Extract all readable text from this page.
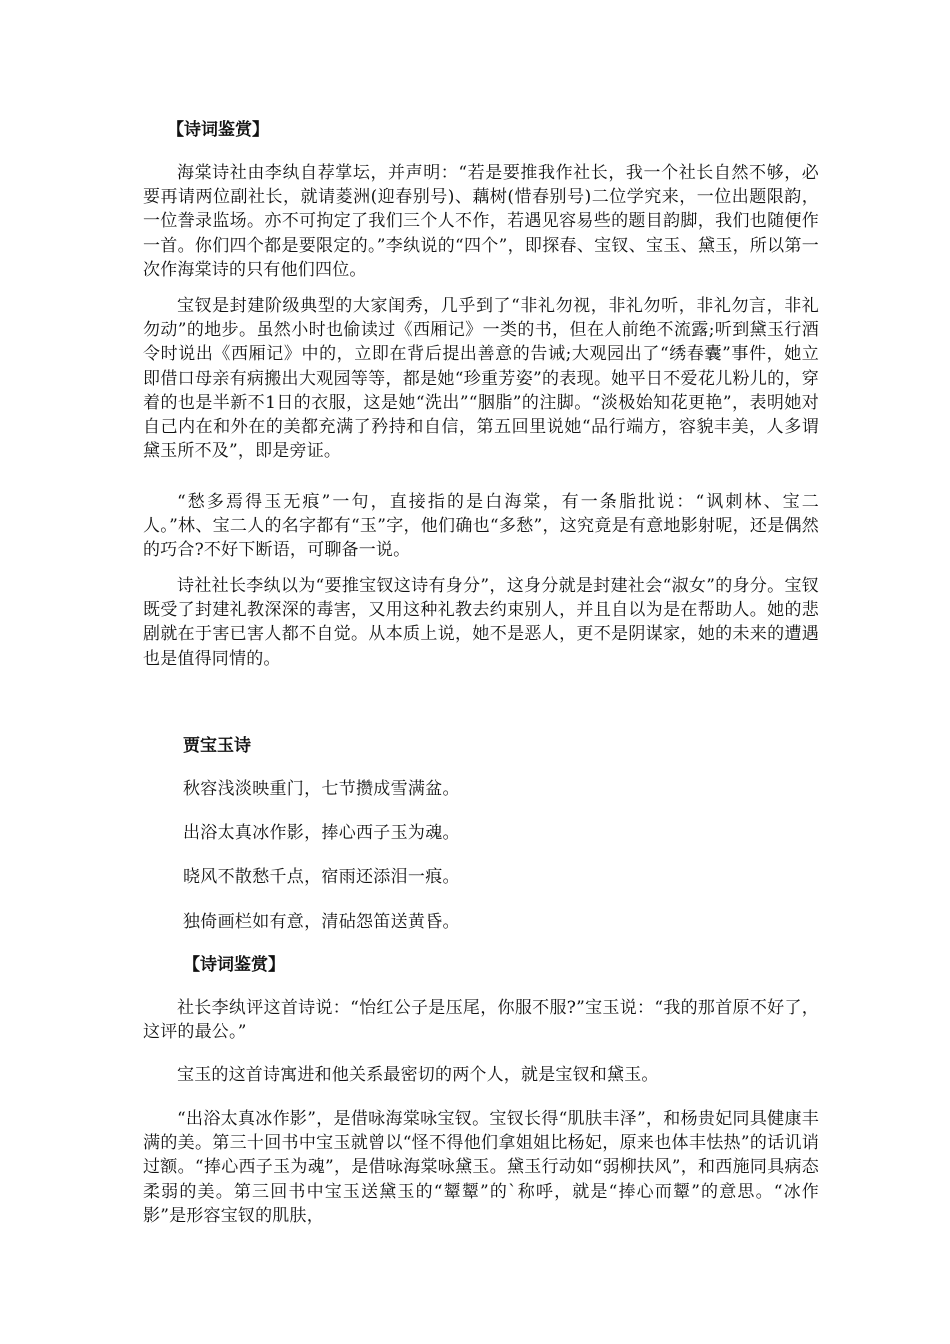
【诗词鉴赏】
海棠诗社由李纨自荐掌坛，并声明：“若是要推我作社长，我一个社长自然不够，必要再请两位副社长，就请菱洲(迎春别号)、藕树(惜春别号)二位学究来，一位出题限韵，一位誊录监场。亦不可拘定了我们三个人不作，若遇见容易些的题目韵脚，我们也随便作一首。你们四个都是要限定的。”李纨说的“四个”，即探春、宝钗、宝玉、黛玉，所以第一次作海棠诗的只有他们四位。
宝钗是封建阶级典型的大家闺秀，几乎到了“非礼勿视，非礼勿听，非礼勿言，非礼勿动”的地步。虽然小时也偷读过《西厢记》一类的书，但在人前绝不流露;听到黛玉行酒令时说出《西厢记》中的，立即在背后提出善意的告诫;大观园出了“绣春囊”事件，她立即借口母亲有病搬出大观园等等，都是她“珍重芳姿”的表现。她平日不爱花儿粉儿的，穿着的也是半新不1日的衣服，这是她“洗出”“胭脂”的注脚。“淡极始知花更艳”，表明她对自己内在和外在的美都充满了矜持和自信，第五回里说她“品行端方，容貌丰美，人多谓黛玉所不及”，即是旁证。
“愁多焉得玉无痕”一句，直接指的是白海棠，有一条脂批说：“讽刺林、宝二人。”林、宝二人的名字都有“玉”字，他们确也“多愁”，这究竟是有意地影射呢，还是偶然的巧合?不好下断语，可聊备一说。
诗社社长李纨以为“要推宝钗这诗有身分”，这身分就是封建社会“淑女”的身分。宝钗既受了封建礼教深深的毒害，又用这种礼教去约束别人，并且自以为是在帮助人。她的悲剧就在于害已害人都不自觉。从本质上说，她不是恶人，更不是阴谋家，她的未来的遭遇也是值得同情的。
贾宝玉诗
秋容浅淡映重门，七节攒成雪满盆。
出浴太真冰作影，捧心西子玉为魂。
晓风不散愁千点，宿雨还添泪一痕。
独倚画栏如有意，清砧怨笛送黄昏。
【诗词鉴赏】
社长李纨评这首诗说：“怡红公子是压尾，你服不服?”宝玉说：“我的那首原不好了，这评的最公。”
宝玉的这首诗寓进和他关系最密切的两个人，就是宝钗和黛玉。
“出浴太真冰作影”，是借咏海棠咏宝钗。宝钗长得“肌肤丰泽”，和杨贵妃同具健康丰满的美。第三十回书中宝玉就曾以“怪不得他们拿姐姐比杨妃，原来也体丰怯热”的话讥诮过额。“捧心西子玉为魂”，是借咏海棠咏黛玉。黛玉行动如“弱柳扶风”，和西施同具病态柔弱的美。第三回书中宝玉送黛玉的“颦颦”的`称呼，就是“捧心而颦”的意思。“冰作影”是形容宝钗的肌肤，
